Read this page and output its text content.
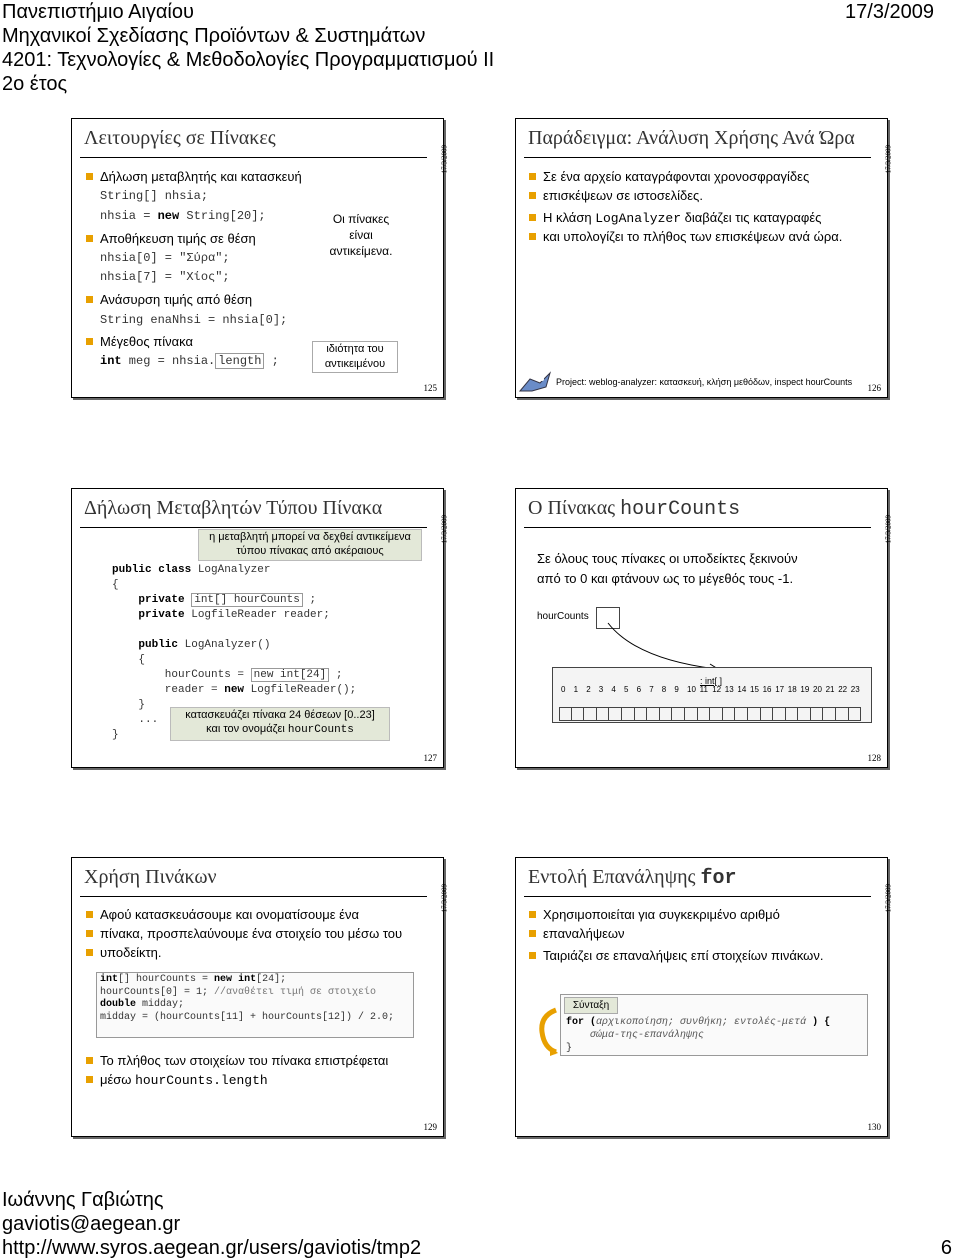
Πανεπιστήμιο Αιγαίου
Μηχανικοί Σχεδίασης Προϊόντων & Συστημάτων
4201: Τεχνολογίες & Μεθοδολογίες Προγραμματισμού ΙΙ
2ο έτος
17/3/2009
Λειτουργίες σε Πίνακες
17/3/2009
Δήλωση μεταβλητής και κατασκευή
String[] nhsia;
nhsia = new String[20];
Αποθήκευση τιμής σε θέση
nhsia[0] = "Σύρα";
nhsia[7] = "Χίος";
Ανάσυρση τιμής από θέση
String enaNhsi = nhsia[0];
Μέγεθος πίνακα
int meg = nhsia. length ;
Οι πίνακες
είναι
αντικείμενα.
ιδιότητα του
αντικειμένου
125
Παράδειγμα: Ανάλυση Χρήσης Ανά Ώρα
17/3/2009
Σε ένα αρχείο καταγράφονται χρονοσφραγίδες
επισκέψεων σε ιστοσελίδες.
Η κλάση LogAnalyzer διαβάζει τις καταγραφές
και υπολογίζει το πλήθος των επισκέψεων ανά ώρα.
Project: weblog-analyzer: κατασκευή, κλήση μεθόδων, inspect hourCounts
126
Δήλωση Μεταβλητών Τύπου Πίνακα
17/3/2009
η μεταβλητή μπορεί να δεχθεί αντικείμενα
τύπου πίνακας από ακέραιους
public class LogAnalyzer
{
private int[] hourCounts ;
private LogfileReader reader;

public LogAnalyzer()
{
hourCounts = new int[24] ;
reader = new LogfileReader();
}
...
}
κατασκευάζει πίνακα 24 θέσεων [0..23]
και τον ονομάζει hourCounts
127
Ο Πίνακας hourCounts
17/3/2009
Σε όλους τους πίνακες οι υποδείκτες ξεκινούν
από το 0 και φτάνουν ως το μέγεθός τους -1.
hourCounts
: int[ ]
0 1 2 3 4 5 6 7 8 9 10 11 12 13 14 15 16 17 18 19 20 21 22 23
128
Χρήση Πινάκων
17/3/2009
Αφού κατασκευάσουμε και ονοματίσουμε ένα
πίνακα, προσπελαύνουμε ένα στοιχείο του μέσω του
υποδείκτη.
int[] hourCounts = new int[24];
hourCounts[0] = 1; //αναθέτει τιμή σε στοιχείο
double midday;
midday = (hourCounts[11] + hourCounts[12]) / 2.0;
Το πλήθος των στοιχείων του πίνακα επιστρέφεται
μέσω hourCounts.length
129
Εντολή Επανάληψης for
17/3/2009
Χρησιμοποιείται για συγκεκριμένο αριθμό
επαναλήψεων
Ταιριάζει σε επαναλήψεις επί στοιχείων πινάκων.
Σύνταξη
for (αρχικοποίηση; συνθήκη; εντολές-μετά ) {
σώμα-της-επανάληψης
}
130
Ιωάννης Γαβιώτης
gaviotis@aegean.gr
http://www.syros.aegean.gr/users/gaviotis/tmp2	6
